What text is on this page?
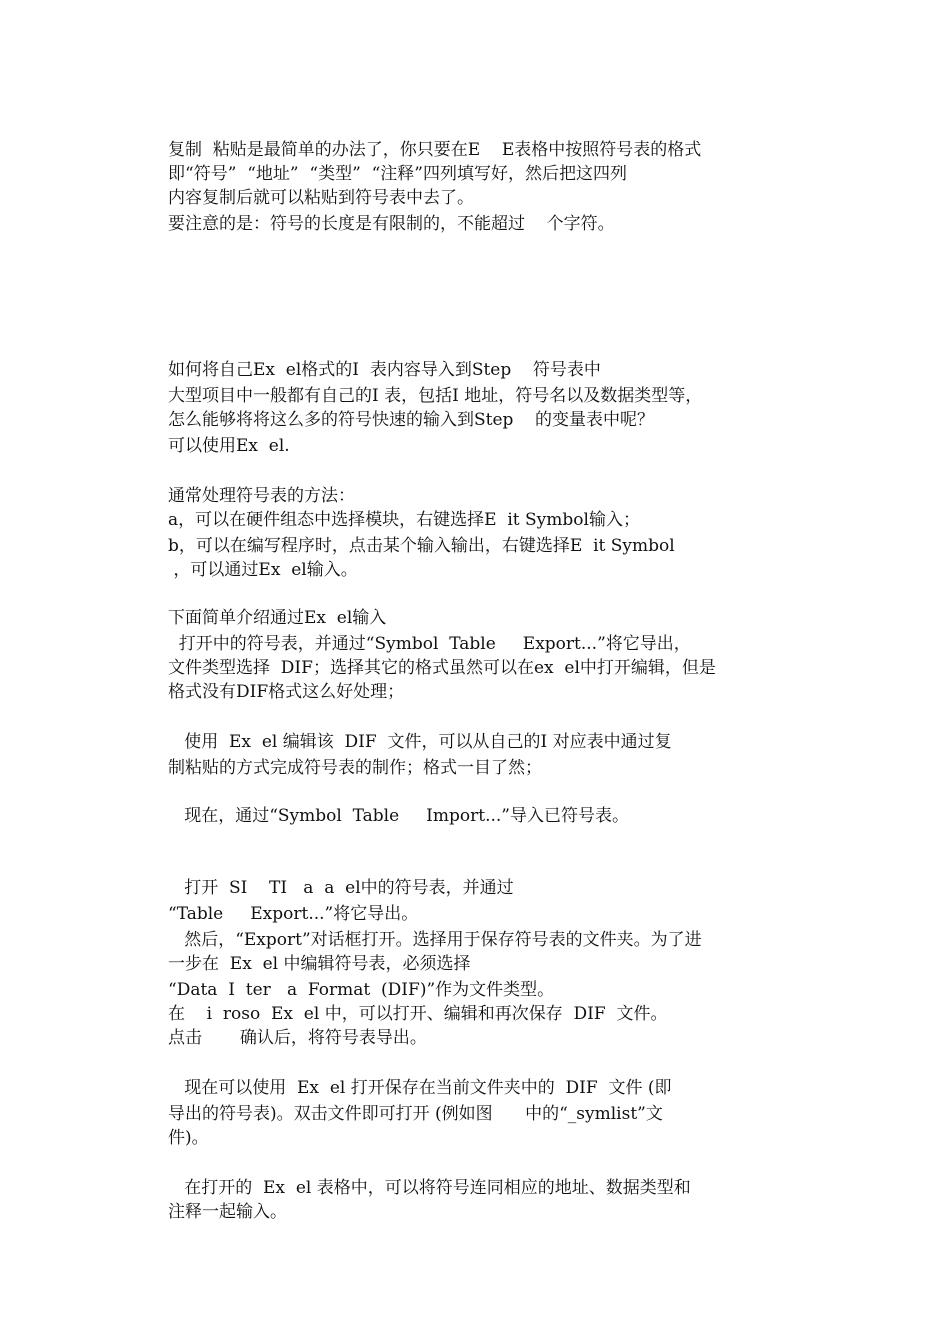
复制  粘贴是最简单的办法了，你只要在E    E表格中按照符号表的格式
即“符号”  “地址”  “类型”  “注释”四列填写好，然后把这四列
内容复制后就可以粘贴到符号表中去了。
要注意的是：符号的长度是有限制的，不能超过    个字符。
如何将自己Ex  el格式的I  表内容导入到Step    符号表中
大型项目中一般都有自己的I 表，包括I 地址，符号名以及数据类型等，
怎么能够将将这么多的符号快速的输入到Step    的变量表中呢？
可以使用Ex  el.
通常处理符号表的方法：
a，可以在硬件组态中选择模块，右键选择E  it Symbol输入；
b，可以在编写程序时，点击某个输入输出，右键选择E  it Symbol
，可以通过Ex  el输入。
下面简单介绍通过Ex  el输入
打开中的符号表，并通过“Symbol  Table     Export...”将它导出，
文件类型选择  DIF；选择其它的格式虽然可以在ex  el中打开编辑，但是
格式没有DIF格式这么好处理；
使用  Ex  el 编辑该  DIF  文件，可以从自己的I 对应表中通过复
制粘贴的方式完成符号表的制作；格式一目了然；
现在，通过“Symbol  Table     Import...”导入已符号表。
打开  SI    TI   a  a  el中的符号表，并通过
“Table     Export...”将它导出。
然后，“Export”对话框打开。选择用于保存符号表的文件夹。为了进
一步在  Ex  el 中编辑符号表，必须选择
“Data  I  ter   a  Format  (DIF)”作为文件类型。
在    i  roso  Ex  el 中，可以打开、编辑和再次保存  DIF  文件。
点击       确认后，将符号表导出。
现在可以使用  Ex  el 打开保存在当前文件夹中的  DIF  文件 (即
导出的符号表)。双击文件即可打开 (例如图      中的“_symlist”文
件)。
在打开的  Ex  el 表格中，可以将符号连同相应的地址、数据类型和
注释一起输入。
